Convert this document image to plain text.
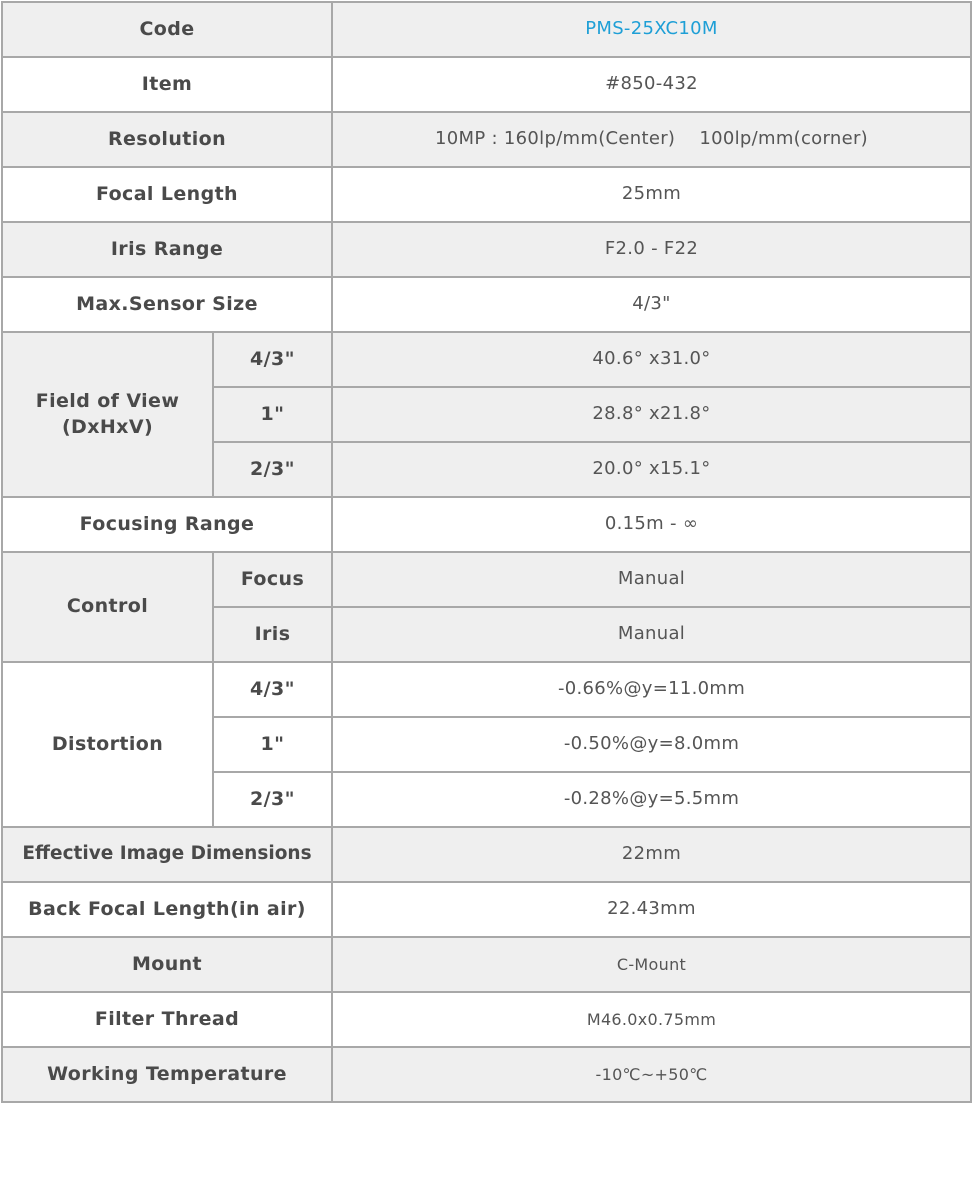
Code		PMS-25XC10M
Item		#850-432
Resolution		10MP : 160lp/mm(Center)    100lp/mm(corner)
Focal Length		25mm
Iris Range		F2.0 - F22
Max.Sensor Size		4/3"

Field of View
(DxHxV)	4/3"	40.6° x31.0°
	1"	28.8° x21.8°
	2/3"	20.0° x15.1°
Focusing Range		0.15m - ∞
Control	Focus	Manual
	Iris	Manual
Distortion	4/3"	-0.66%@y=11.0mm
	1"	-0.50%@y=8.0mm
	2/3"	-0.28%@y=5.5mm
Effective Image Dimensions		22mm
Back Focal Length(in air)		22.43mm
Mount		C-Mount
Filter Thread		M46.0x0.75mm
Working Temperature		-10℃~+50℃
